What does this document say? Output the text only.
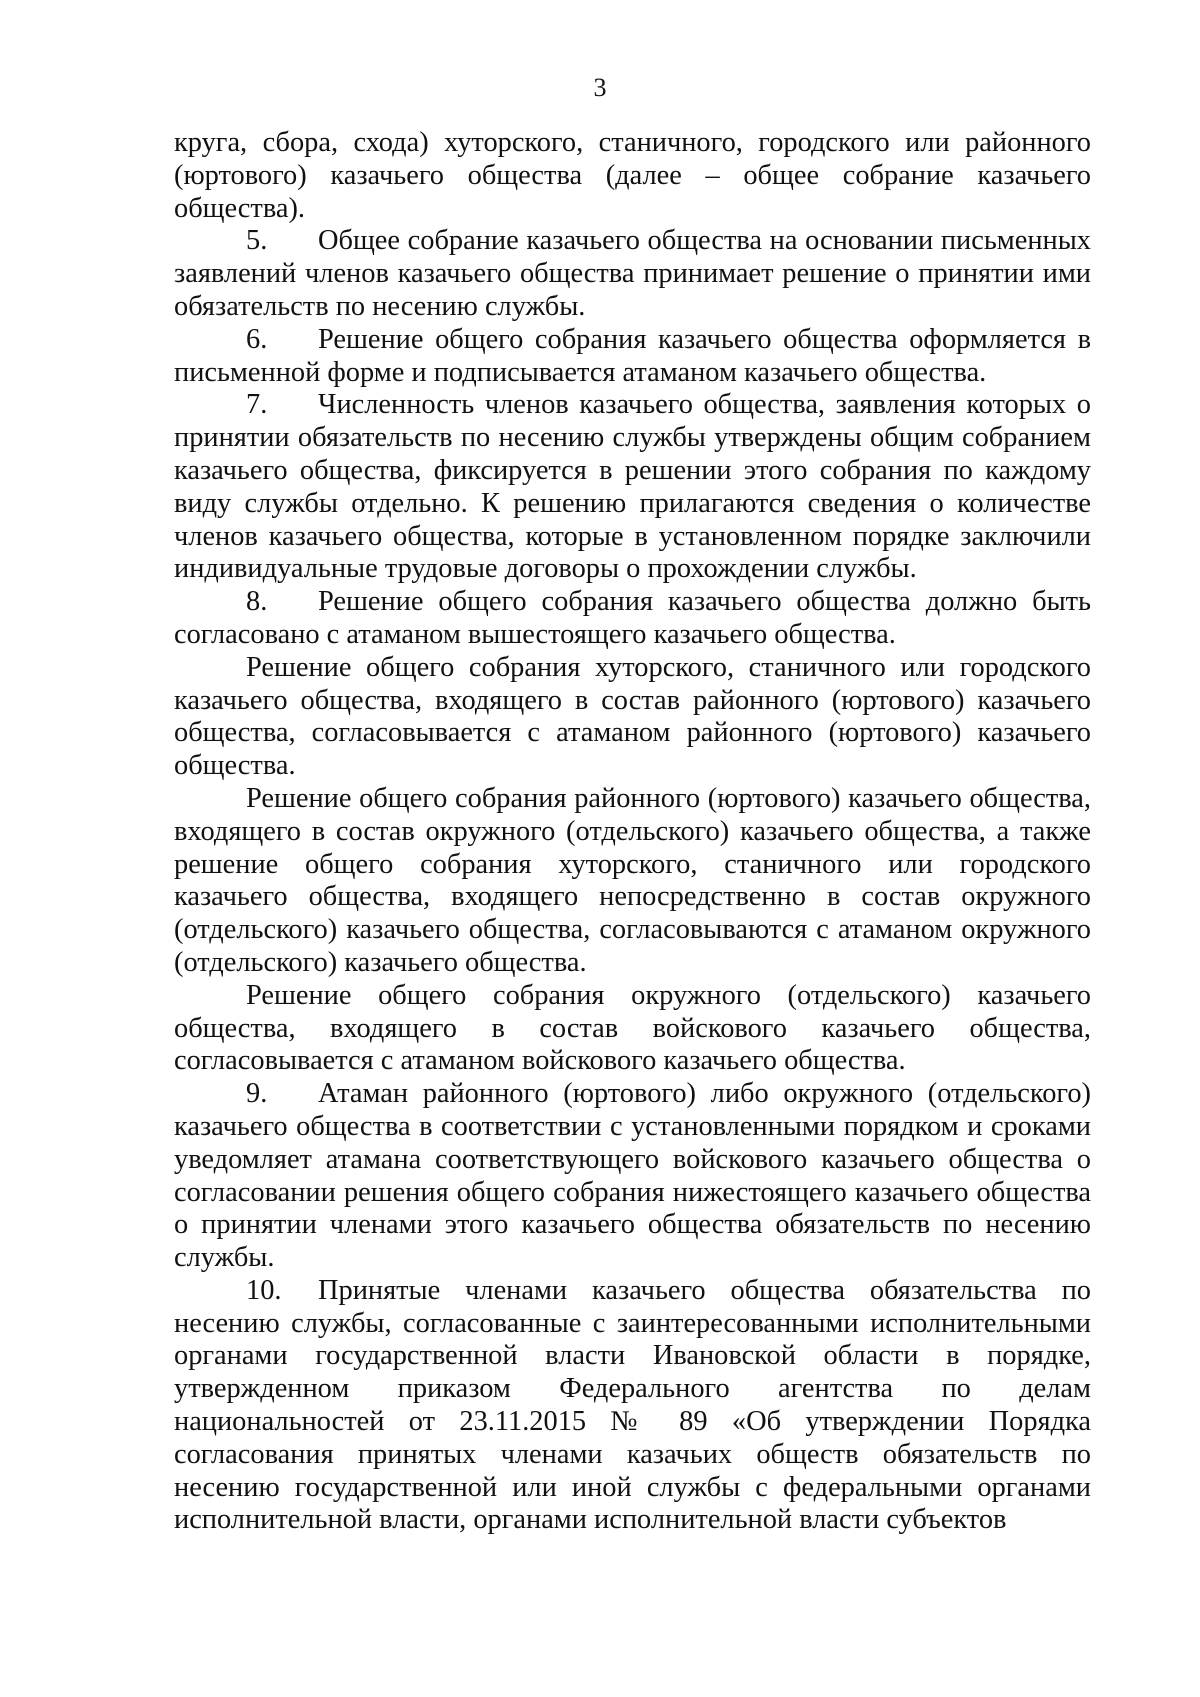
3

круга, сбора, схода) хуторского, станичного, городского или районного (юртового) казачьего общества (далее – общее собрание казачьего общества).

5. Общее собрание казачьего общества на основании письменных заявлений членов казачьего общества принимает решение о принятии ими обязательств по несению службы.

6. Решение общего собрания казачьего общества оформляется в письменной форме и подписывается атаманом казачьего общества.

7. Численность членов казачьего общества, заявления которых о принятии обязательств по несению службы утверждены общим собранием казачьего общества, фиксируется в решении этого собрания по каждому виду службы отдельно. К решению прилагаются сведения о количестве членов казачьего общества, которые в установленном порядке заключили индивидуальные трудовые договоры о прохождении службы.

8. Решение общего собрания казачьего общества должно быть согласовано с атаманом вышестоящего казачьего общества.

Решение общего собрания хуторского, станичного или городского казачьего общества, входящего в состав районного (юртового) казачьего общества, согласовывается с атаманом районного (юртового) казачьего общества.

Решение общего собрания районного (юртового) казачьего общества, входящего в состав окружного (отдельского) казачьего общества, а также решение общего собрания хуторского, станичного или городского казачьего общества, входящего непосредственно в состав окружного (отдельского) казачьего общества, согласовываются с атаманом окружного (отдельского) казачьего общества.

Решение общего собрания окружного (отдельского) казачьего общества, входящего в состав войскового казачьего общества, согласовывается с атаманом войскового казачьего общества.

9. Атаман районного (юртового) либо окружного (отдельского) казачьего общества в соответствии с установленными порядком и сроками уведомляет атамана соответствующего войскового казачьего общества о согласовании решения общего собрания нижестоящего казачьего общества о принятии членами этого казачьего общества обязательств по несению службы.

10. Принятые членами казачьего общества обязательства по несению службы, согласованные с заинтересованными исполнительными органами государственной власти Ивановской области в порядке, утвержденном приказом Федерального агентства по делам национальностей от 23.11.2015 № 89 «Об утверждении Порядка согласования принятых членами казачьих обществ обязательств по несению государственной или иной службы с федеральными органами исполнительной власти, органами исполнительной власти субъектов
